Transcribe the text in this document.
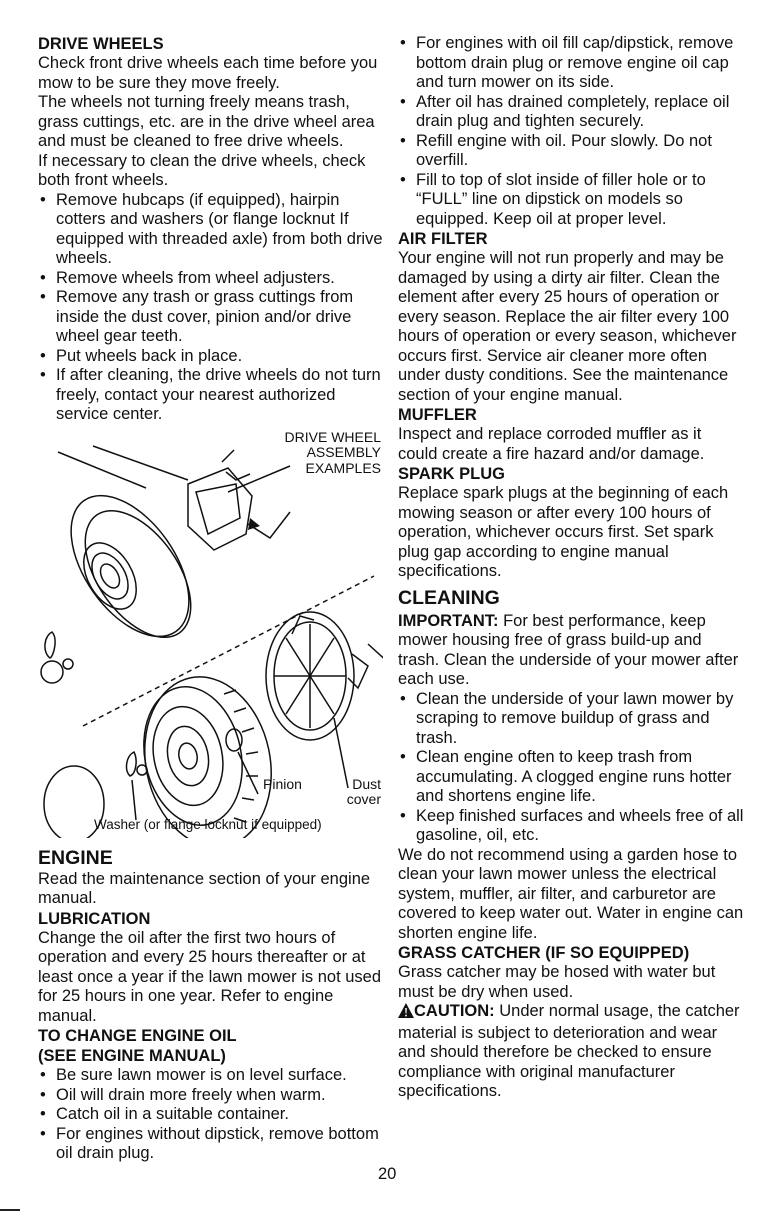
DRIVE WHEELS

Check front drive wheels each time before you mow to be sure they move freely.

The wheels not turning freely means trash, grass cuttings, etc. are in the drive wheel area and must be cleaned to free drive wheels.

If necessary to clean the drive wheels, check both front wheels.

• Remove hubcaps (if equipped), hairpin cotters and washers (or flange locknut If equipped with threaded axle) from both drive wheels.
• Remove wheels from wheel adjusters.
• Remove any trash or grass cuttings from inside the dust cover, pinion and/or drive wheel gear teeth.
• Put wheels back in place.
• If after cleaning, the drive wheels do not turn freely, contact your nearest authorized service center.
DRIVE WHEEL ASSEMBLY EXAMPLES
Pinion	Dust cover
Washer (or flange locknut if equipped)

ENGINE

Read the maintenance section of your engine manual.

LUBRICATION

Change the oil after the first two hours of operation and every 25 hours thereafter or at least once a year if the lawn mower is not used for 25 hours in one year. Refer to engine manual.

TO CHANGE ENGINE OIL

(SEE ENGINE MANUAL)

• Be sure lawn mower is on level surface.
• Oil will drain more freely when warm.
• Catch oil in a suitable container.
• For engines without dipstick, remove bottom oil drain plug.
• For engines with oil fill cap/dipstick, remove bottom drain plug or remove engine oil cap and turn mower on its side.
• After oil has drained completely, replace oil drain plug and tighten securely.
• Refill engine with oil. Pour slowly. Do not overfill.
• Fill to top of slot inside of filler hole or to “FULL” line on dipstick on models so equipped. Keep oil at proper level.

AIR FILTER

Your engine will not run properly and may be damaged by using a dirty air filter. Clean the element after every 25 hours of operation or every season. Replace the air filter every 100 hours of operation or every season, whichever occurs first. Service air cleaner more often under dusty conditions. See the maintenance section of your engine manual.

MUFFLER

Inspect and replace corroded muffler as it could create a fire hazard and/or damage.

SPARK PLUG

Replace spark plugs at the beginning of each mowing season or after every 100 hours of operation, whichever occurs first. Set spark plug gap according to engine manual specifications.

CLEANING

IMPORTANT: For best performance, keep mower housing free of grass build-up and trash. Clean the underside of your mower after each use.

• Clean the underside of your lawn mower by scraping to remove buildup of grass and trash.
• Clean engine often to keep trash from accumulating. A clogged engine runs hotter and shortens engine life.
• Keep finished surfaces and wheels free of all gasoline, oil, etc.

We do not recommend using a garden hose to clean your lawn mower unless the electrical system, muffler, air filter, and carburetor are covered to keep water out. Water in engine can shorten engine life.

GRASS CATCHER (IF SO EQUIPPED)

Grass catcher may be hosed with water but must be dry when used.

CAUTION: Under normal usage, the catcher material is subject to deterioration and wear and should therefore be checked to ensure compliance with original manufacturer specifications.

20
